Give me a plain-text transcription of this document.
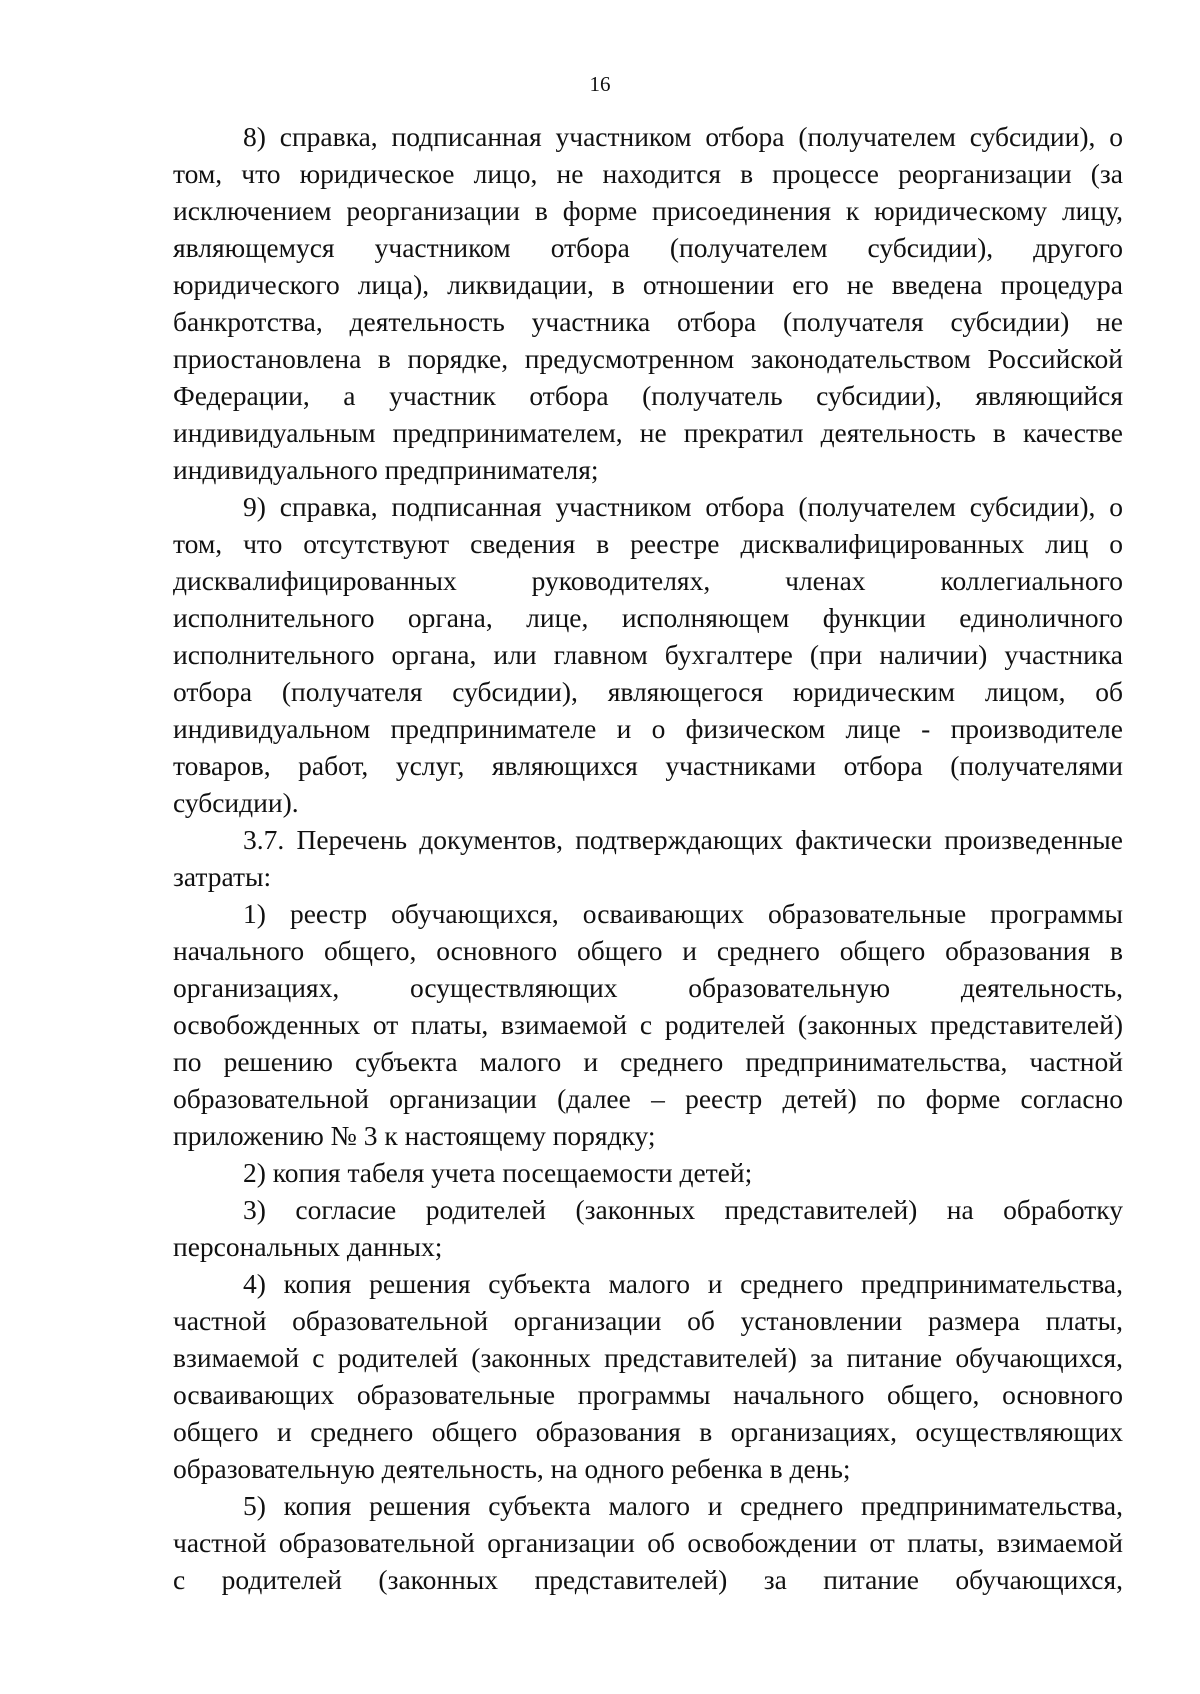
16
8) справка, подписанная участником отбора (получателем субсидии), о
том, что юридическое лицо, не находится в процессе реорганизации (за
исключением реорганизации в форме присоединения к юридическому лицу,
являющемуся участником отбора (получателем субсидии), другого
юридического лица), ликвидации, в отношении его не введена процедура
банкротства, деятельность участника отбора (получателя субсидии) не
приостановлена в порядке, предусмотренном законодательством Российской
Федерации, а участник отбора (получатель субсидии), являющийся
индивидуальным предпринимателем, не прекратил деятельность в качестве
индивидуального предпринимателя;
9) справка, подписанная участником отбора (получателем субсидии), о
том, что отсутствуют сведения в реестре дисквалифицированных лиц о
дисквалифицированных руководителях, членах коллегиального
исполнительного органа, лице, исполняющем функции единоличного
исполнительного органа, или главном бухгалтере (при наличии) участника
отбора (получателя субсидии), являющегося юридическим лицом, об
индивидуальном предпринимателе и о физическом лице - производителе
товаров, работ, услуг, являющихся участниками отбора (получателями
субсидии).
3.7. Перечень документов, подтверждающих фактически произведенные
затраты:
1) реестр обучающихся, осваивающих образовательные программы
начального общего, основного общего и среднего общего образования в
организациях, осуществляющих образовательную деятельность,
освобожденных от платы, взимаемой с родителей (законных представителей)
по решению субъекта малого и среднего предпринимательства, частной
образовательной организации (далее – реестр детей) по форме согласно
приложению № 3 к настоящему порядку;
2) копия табеля учета посещаемости детей;
3) согласие родителей (законных представителей) на обработку
персональных данных;
4) копия решения субъекта малого и среднего предпринимательства,
частной образовательной организации об установлении размера платы,
взимаемой с родителей (законных представителей) за питание обучающихся,
осваивающих образовательные программы начального общего, основного
общего и среднего общего образования в организациях, осуществляющих
образовательную деятельность, на одного ребенка в день;
5) копия решения субъекта малого и среднего предпринимательства,
частной образовательной организации об освобождении от платы, взимаемой
с родителей (законных представителей) за питание обучающихся,
